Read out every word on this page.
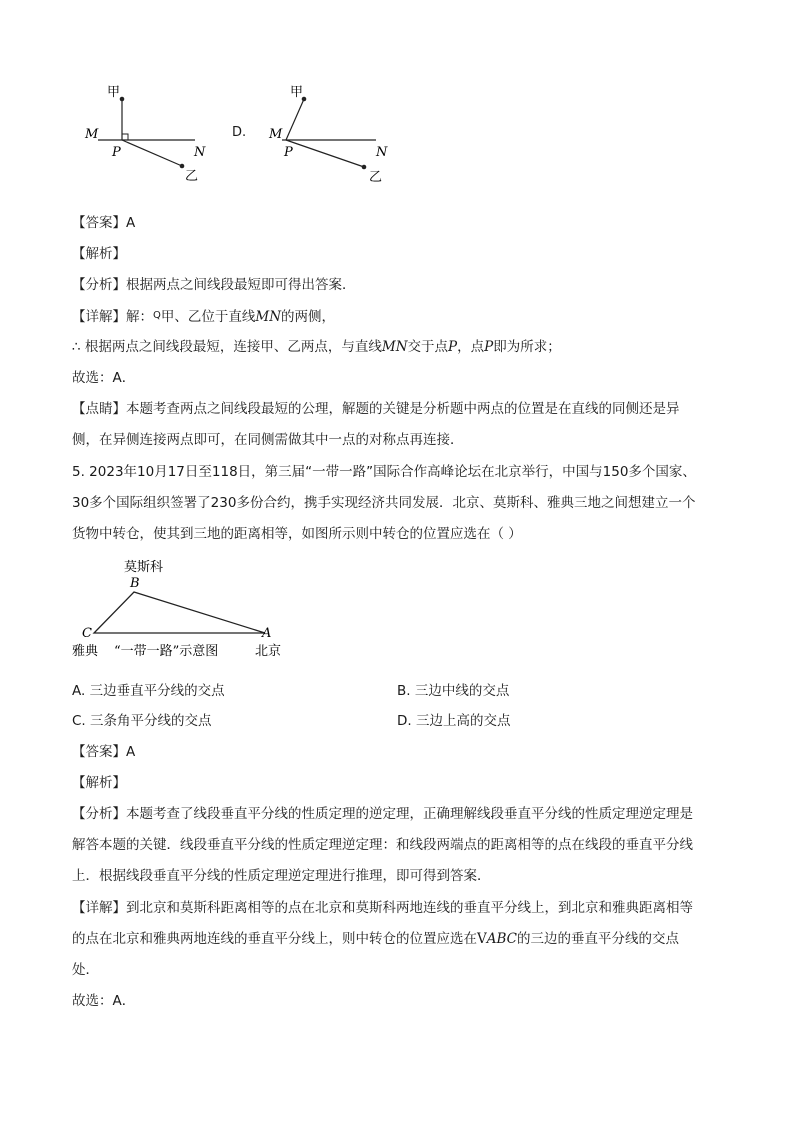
甲
M
P	N
乙
D.
甲
M
P	N
乙
【答案】A
【解析】
【分析】根据两点之间线段最短即可得出答案．
【详解】解：$^Q$甲、乙位于直线MN的两侧，
∴ 根据两点之间线段最短，连接甲、乙两点，与直线MN交于点P，点P即为所求；
故选：A．
【点睛】本题考查两点之间线段最短的公理，解题的关键是分析题中两点的位置是在直线的同侧还是异
侧，在异侧连接两点即可，在同侧需做其中一点的对称点再连接．
5. 2023年10月17日至118日，第三届“一带一路”国际合作高峰论坛在北京举行，中国与150多个国家、
30多个国际组织签署了230多份合约，携手实现经济共同发展．北京、莫斯科、雅典三地之间想建立一个
货物中转仓，使其到三地的距离相等，如图所示则中转仓的位置应选在（ ）
莫斯科
B
C	A
雅典 “一带一路”示意图	北京
A. 三边垂直平分线的交点	B. 三边中线的交点
C. 三条角平分线的交点	D. 三边上高的交点
【答案】A
【解析】
【分析】本题考查了线段垂直平分线的性质定理的逆定理，正确理解线段垂直平分线的性质定理逆定理是
解答本题的关键．线段垂直平分线的性质定理逆定理：和线段两端点的距离相等的点在线段的垂直平分线
上．根据线段垂直平分线的性质定理逆定理进行推理，即可得到答案．
【详解】到北京和莫斯科距离相等的点在北京和莫斯科两地连线的垂直平分线上，到北京和雅典距离相等
的点在北京和雅典两地连线的垂直平分线上，则中转仓的位置应选在VABC的三边的垂直平分线的交点
处．
故选：A．
